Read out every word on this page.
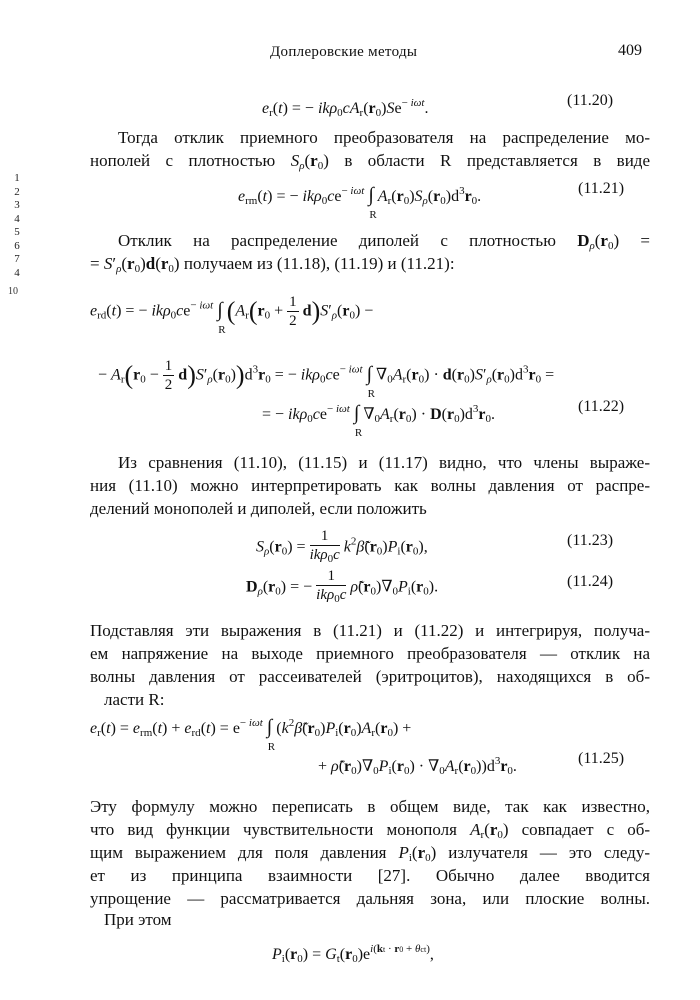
Доплеровские методы	409
1
2
3
4
5
6
7
4
10
$e_r(t)$ = − $ik\rho_0cA_r(r_0)Se^{- i\omega t}$.	(11.20)
Тогда отклик приемного преобразователя на распределение мо-
нополей с плотностью $S_\rho(r_0)$ в области R представляется в виде
$e_{rm}(t)$ = − $ik\rho_0ce^{- i\omega t}$ ∫
R
$A_r(r_0)S_\rho(r_0)d^3r_0$.	(11.21)
Отклик на распределение диполей с плотностью $D_\rho(r_0)$ =
= $S'_\rho(r_0)d(r_0)$ получаем из (11.18), (11.19) и (11.21):
$e_{rd}(t)$ = − $ik\rho_0ce^{- i\omega t}$ ∫
R
($A_r(r_0 + \frac{1}{2} d)S'_\rho(r_0)$ −
− $A_r(r_0 - \frac{1}{2} d)S'_\rho(r_0))d^3r_0$ = − $ik\rho_0ce^{- i\omega t}$ ∫
R
$\nabla_0A_r(r_0) \cdot d(r_0)S'_\rho(r_0)d^3r_0$ =
= − $ik\rho_0ce^{- i\omega t}$ ∫
R
$\nabla_0A_r(r_0) \cdot D(r_0)d^3r_0$.	(11.22)
Из сравнения (11.10), (11.15) и (11.17) видно, что члены выраже-
ния (11.10) можно интерпретировать как волны давления от распре-
делений монополей и диполей, если положить
$S_\rho(r_0) = \frac{1}{ik\rho_0c}$ $k^2\betã(r_0)P_i(r_0)$,	(11.23)
$D_\rho(r_0)$ = − $\frac{1}{ik\rho_0c}$ $\rhõ(r_0)\nabla_0P_i(r_0)$.	(11.24)
Подставляя эти выражения в (11.21) и (11.22) и интегрируя, получа-
ем напряжение на выходе приемного преобразователя — отклик на
волны давления от рассеивателей (эритроцитов), находящихся в об-
ласти R:
$e_r(t) = e_{rm}(t) + e_{rd}(t) = e^{- i\omega t}$ ∫
R
($k^2\betã(r_0)P_i(r_0)A_r(r_0)$ +
+ $\rhõ(r_0)\nabla_0P_i(r_0) \cdot \nabla_0A_r(r_0))d^3r_0$.	(11.25)
Эту формулу можно переписать в общем виде, так как известно,
что вид функции чувствительности монополя $A_r(r_0)$ совпадает с об-
щим выражением для поля давления $P_i(r_0)$ излучателя — это следу-
ет из принципа взаимности [27]. Обычно далее вводится
упрощение — рассматривается дальняя зона, или плоские волны.
При этом
$P_i(r_0) = G_t(r_0)e^{i(kt \cdot r0 + \theta ct)}$,
